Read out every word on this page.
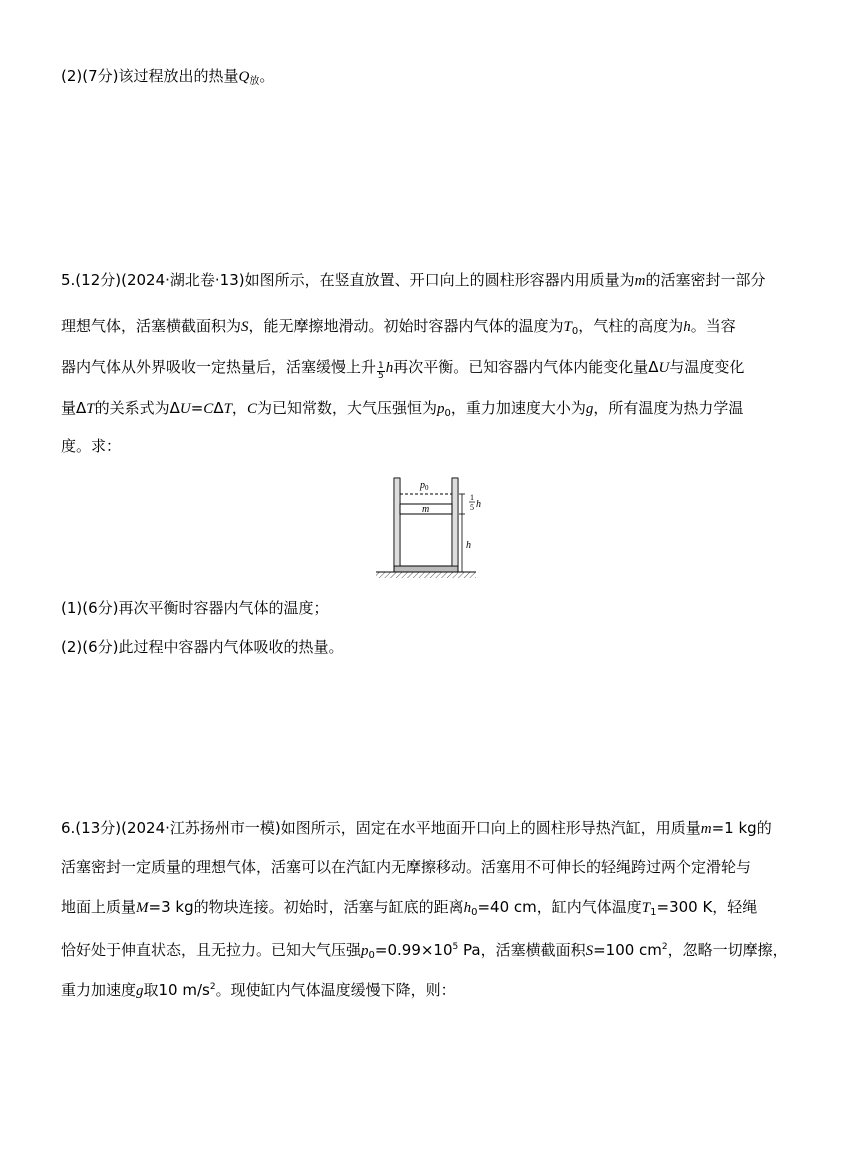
(2)(7分)该过程放出的热量$Q_放$。
5.(12分)(2024·湖北卷·13)如图所示，在竖直放置、开口向上的圆柱形容器内用质量为m的活塞密封一部分
理想气体，活塞横截面积为S，能无摩擦地滑动。初始时容器内气体的温度为$T_0$，气柱的高度为h。当容
器内气体从外界吸收一定热量后，活塞缓慢上升 $\frac{1}{5}$ h再次平衡。已知容器内气体内能变化量ΔU与温度变化
量ΔT的关系式为ΔU=CΔT，C为已知常数，大气压强恒为$p_0$，重力加速度大小为g，所有温度为热力学温
度。求：
$p_0$
m
1
5 h
h
(1)(6分)再次平衡时容器内气体的温度；
(2)(6分)此过程中容器内气体吸收的热量。
6.(13分)(2024·江苏扬州市一模)如图所示，固定在水平地面开口向上的圆柱形导热汽缸，用质量m=1 kg的
活塞密封一定质量的理想气体，活塞可以在汽缸内无摩擦移动。活塞用不可伸长的轻绳跨过两个定滑轮与
地面上质量M=3 kg的物块连接。初始时，活塞与缸底的距离$h_0=40$ cm，缸内气体温度$T_1=300$ K，轻绳
恰好处于伸直状态，且无拉力。已知大气压强$p_0=0.99\times 10^5$ Pa，活塞横截面积S=100 $cm^2$，忽略一切摩擦，
重力加速度g取10 $m/s^2$。现使缸内气体温度缓慢下降，则：
